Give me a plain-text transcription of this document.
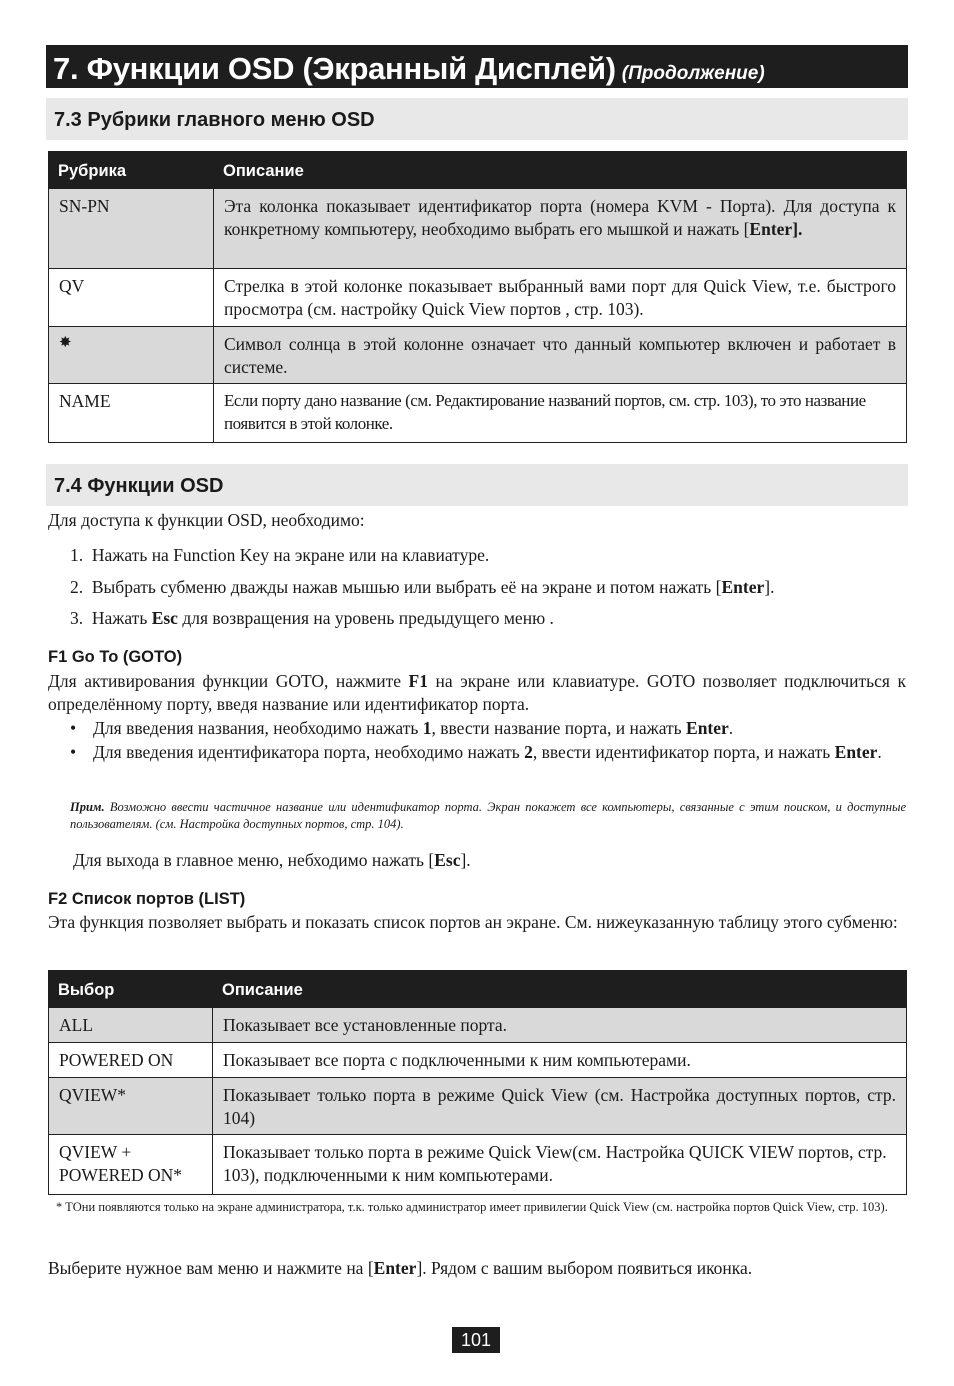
7. Функции OSD (Экранный Дисплей) (Продолжение)
7.3 Рубрики главного меню OSD
Рубрика	Описание
SN-PN	Эта колонка показывает идентификатор порта (номера KVM - Порта). Для доступа к конкретному компьютеру, необходимо выбрать его мышкой и нажать [Enter].
QV	Стрелка в этой колонке показывает выбранный вами порт для Quick View, т.е. быстрого просмотра (см. настройку Quick View портов , стр. 103).
✸	Символ солнца в этой колонне означает что данный компьютер включен и работает в системе.
NAME	Если порту дано название (см. Редактирование названий портов, см. стр. 103), то это название появится в этой колонке.
7.4 Функции OSD
Для доступа к функции OSD, необходимо:
1. Нажать на Function Key на экране или на клавиатуре.
2. Выбрать субменю дважды нажав мышью или выбрать её на экране и потом нажать [Enter].
3. Нажать Esc для возвращения на уровень предыдущего меню .
F1 Go To (GOTO)
Для активирования функции GOTO, нажмите F1 на экране или клавиатуре. GOTO позволяет подключиться к определённому порту, введя название или идентификатор порта.
• Для введения названия, необходимо нажать 1, ввести название порта, и нажать Enter.
• Для введения идентификатора порта, необходимо нажать 2, ввести идентификатор порта, и нажать Enter.
Прим. Возможно ввести частичное название или идентификатор порта. Экран покажет все компьютеры, связанные с этим поиском, и доступные пользователям. (см. Настройка доступных портов, стр. 104).
Для выхода в главное меню, небходимо нажать [Esc].
F2 Список портов (LIST)
Эта функция позволяет выбрать и показать список портов ан экране. См. нижеуказанную таблицу этого субменю:
Выбор	Описание
ALL	Показывает все установленные порта.
POWERED ON	Показывает все порта с подключенными к ним компьютерами.
QVIEW*	Показывает только порта в режиме Quick View (см. Настройка доступных портов, стр. 104)
QVIEW +
POWERED ON*	Показывает только порта в режиме Quick View(см. Настройка QUICK VIEW портов, стр. 103), подключенными к ним компьютерами.
* TОни появляются только на экране администратора, т.к. только администратор имеет привилегии Quick View (см. настройка портов Quick View, стр. 103).
Выберите нужное вам меню и нажмите на [Enter]. Рядом с вашим выбором появиться иконка.
101
